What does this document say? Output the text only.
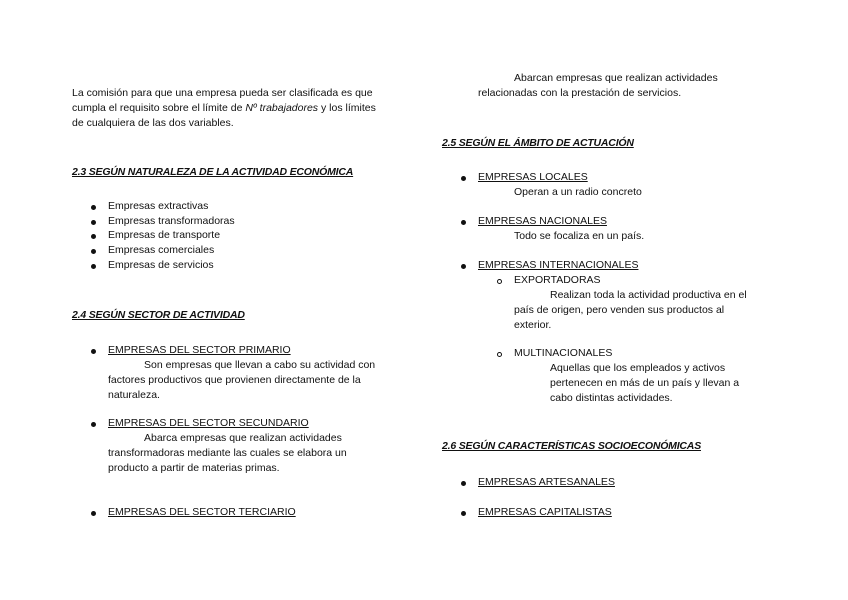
La comisión para que una empresa pueda ser clasificada es que
cumpla el requisito sobre el límite de Nº trabajadores y los límites
de cualquiera de las dos variables.
2.3 SEGÚN NATURALEZA DE LA ACTIVIDAD ECONÓMICA
Empresas extractivas
Empresas transformadoras
Empresas de transporte
Empresas comerciales
Empresas de servicios
2.4 SEGÚN SECTOR DE ACTIVIDAD
EMPRESAS DEL SECTOR PRIMARIO
Son empresas que llevan a cabo su actividad con
factores productivos que provienen directamente de la
naturaleza.
EMPRESAS DEL SECTOR SECUNDARIO
Abarca empresas que realizan actividades
transformadoras mediante las cuales se elabora un
producto a partir de materias primas.
EMPRESAS DEL SECTOR TERCIARIO
Abarcan empresas que realizan actividades
relacionadas con la prestación de servicios.
2.5 SEGÚN EL ÁMBITO DE ACTUACIÓN
EMPRESAS LOCALES
Operan a un radio concreto
EMPRESAS NACIONALES
Todo se focaliza en un país.
EMPRESAS INTERNACIONALES
EXPORTADORAS
Realizan toda la actividad productiva en el
país de origen, pero venden sus productos al
exterior.
MULTINACIONALES
Aquellas que los empleados y activos
pertenecen en más de un país y llevan a
cabo distintas actividades.
2.6 SEGÚN CARACTERÍSTICAS SOCIOECONÓMICAS
EMPRESAS ARTESANALES
EMPRESAS CAPITALISTAS
